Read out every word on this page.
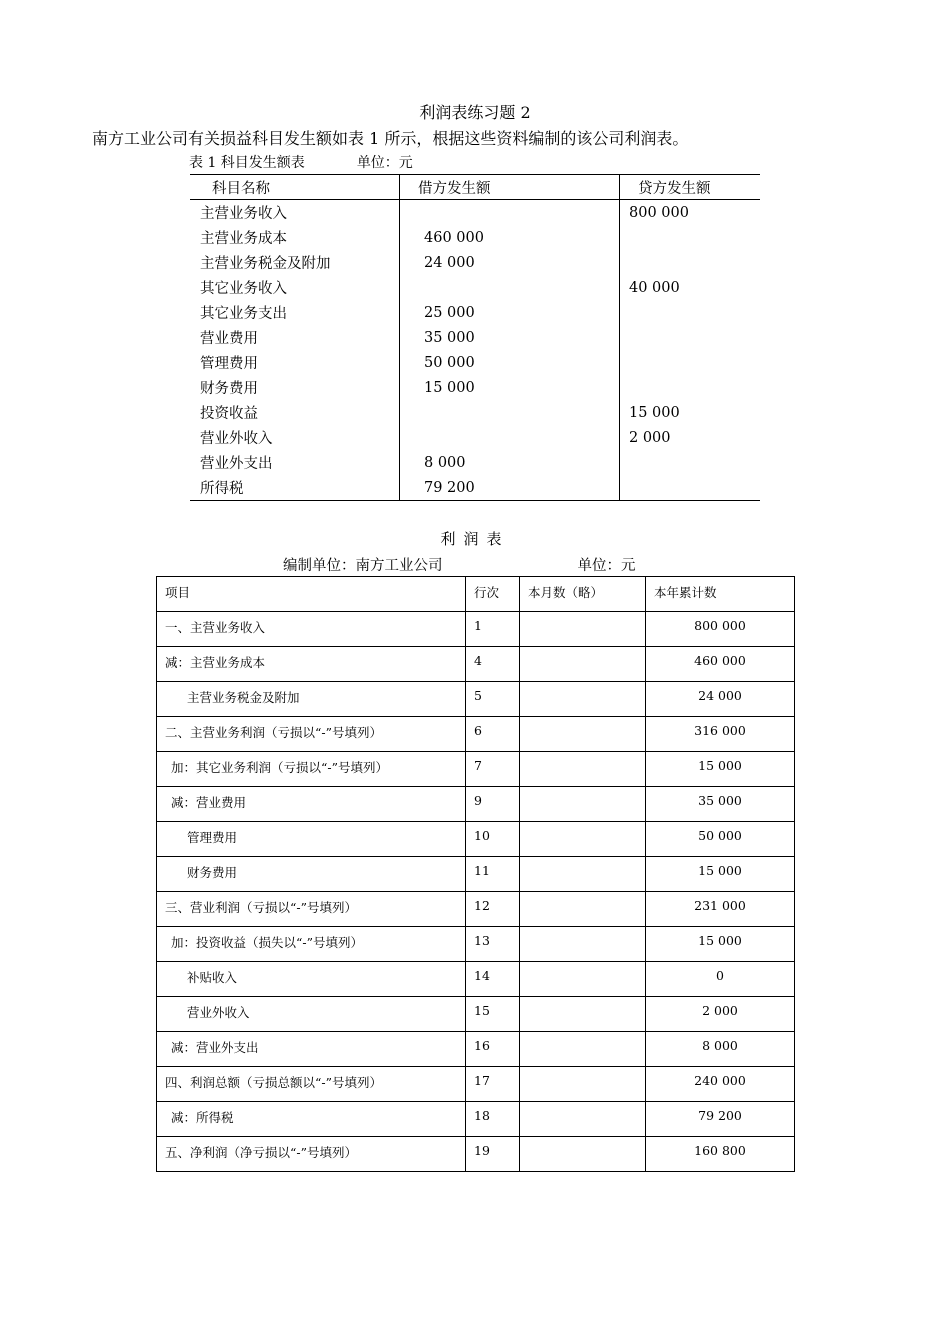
利润表练习题 2
南方工业公司有关损益科目发生额如表 1 所示，根据这些资料编制的该公司利润表。
表 1 科目发生额表	单位：元
科目名称	借方发生额	贷方发生额
主营业务收入		800 000
主营业务成本	460 000	
主营业务税金及附加	24 000	
其它业务收入		40 000
其它业务支出	25 000	
营业费用	35 000	
管理费用	50 000	
财务费用	15 000	
投资收益		15 000
营业外收入		2 000
营业外支出	8 000	
所得税	79 200	
利润表
编制单位：南方工业公司	单位：元
项目	行次	本月数（略）	本年累计数

一、主营业务收入	1		800 000

减：主营业务成本	4		460 000

主营业务税金及附加	5		24 000

二、主营业务利润（亏损以“-”号填列）	6		316 000

加：其它业务利润（亏损以“-”号填列）	7		15 000

减：营业费用	9		35 000

管理费用	10		50 000

财务费用	11		15 000

三、营业利润（亏损以“-”号填列）	12		231 000

加：投资收益（损失以“-”号填列）	13		15 000

补贴收入	14		0

营业外收入	15		2 000

减：营业外支出	16		8 000

四、利润总额（亏损总额以“-”号填列）	17		240 000

减：所得税	18		79 200

五、净利润（净亏损以“-”号填列）	19		160 800
